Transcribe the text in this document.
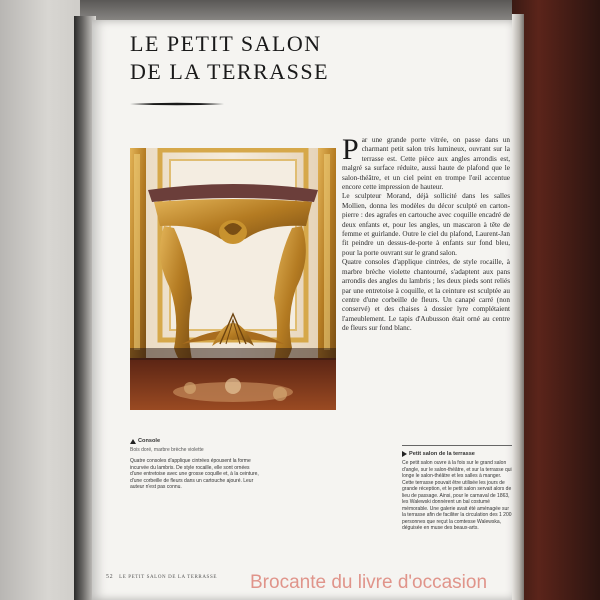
LE PETIT SALON
DE LA TERRASSE
P ar une grande porte vitrée, on passe dans un charmant petit salon très lumineux, ouvrant sur la terrasse est. Cette pièce aux angles arrondis est, malgré sa surface réduite, aussi haute de plafond que le salon-théâtre, et un ciel peint en trompe l'œil accentue encore cette impression de hauteur.

Le sculpteur Morand, déjà sollicité dans les salles Mollien, donna les modèles du décor sculpté en carton-pierre : des agrafes en cartouche avec coquille encadré de deux enfants et, pour les angles, un mascaron à tête de femme et guirlande. Outre le ciel du plafond, Laurent-Jan fit peindre un dessus-de-porte à enfants sur fond bleu, pour la porte ouvrant sur le grand salon.

Quatre consoles d'applique cintrées, de style rocaille, à marbre brèche violette chantourné, s'adaptent aux pans arrondis des angles du lambris ; les deux pieds sont reliés par une entretoise à coquille, et la ceinture est sculptée au centre d'une corbeille de fleurs. Un canapé carré (non conservé) et des chaises à dossier lyre complétaient l'ameublement. Le tapis d'Aubusson était orné au centre de fleurs sur fond blanc.

Console
Bois doré, marbre brèche violette
Quatre consoles d'applique cintrées épousent la forme incurvée du lambris. De style rocaille, elle sont ornées d'une entretoise avec une grosse coquille et, à la ceinture, d'une corbeille de fleurs dans un cartouche ajouré. Leur auteur n'est pas connu.
Petit salon de la terrasse
Ce petit salon ouvre à la fois sur le grand salon d'angle, sur le salon-théâtre, et sur la terrasse qui longe le salon-théâtre et les salles à manger. Cette terrasse pouvait être utilisée les jours de grande réception, et le petit salon servait alors de lieu de passage. Ainsi, pour le carnaval de 1863, les Walewski donnèrent un bal costumé mémorable. Une galerie avait été aménagée sur la terrasse afin de faciliter la circulation des 1 200 personnes que reçut la comtesse Walewska, déguisée en muse des beaux-arts.
52 LE PETIT SALON DE LA TERRASSE Brocante du livre d'occasion
